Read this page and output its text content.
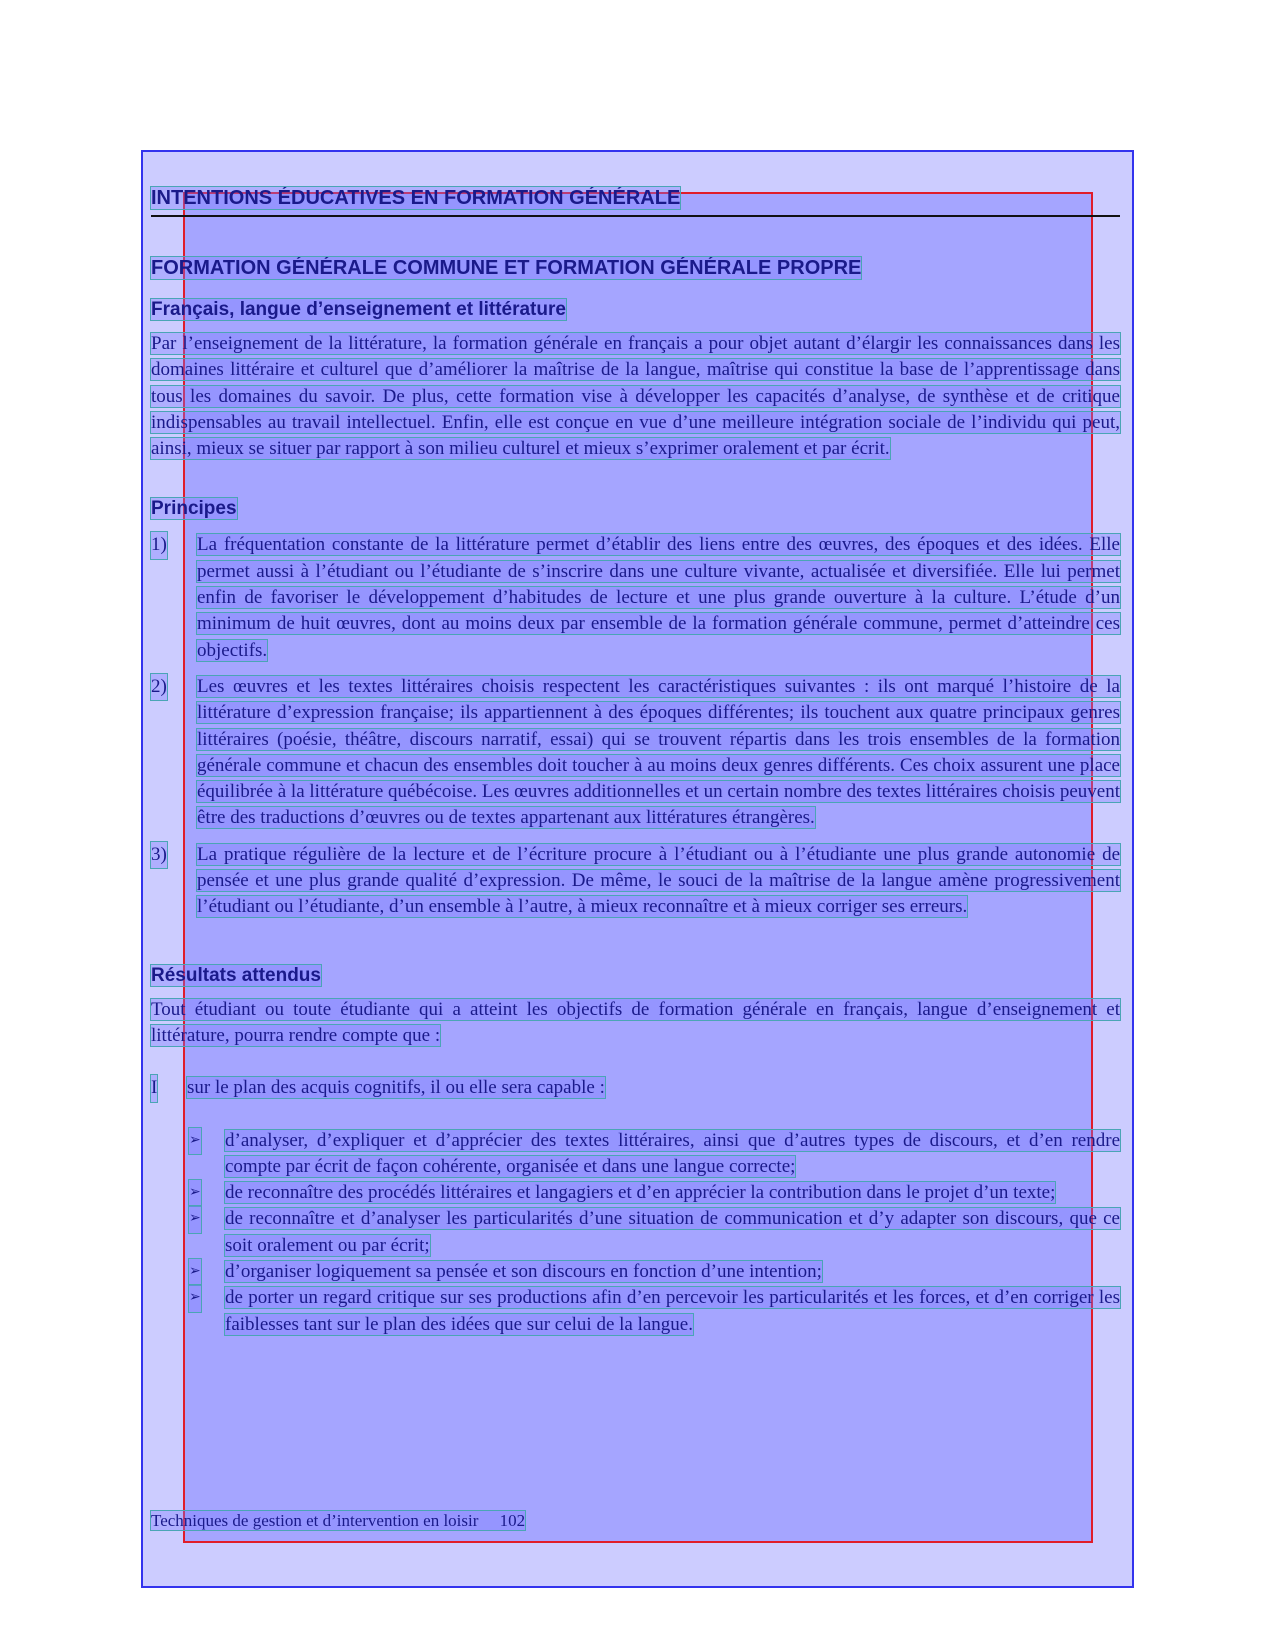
INTENTIONS ÉDUCATIVES EN FORMATION GÉNÉRALE
FORMATION GÉNÉRALE COMMUNE ET FORMATION GÉNÉRALE PROPRE
Français, langue d’enseignement et littérature

Par l’enseignement de la littérature, la formation générale en français a pour objet autant d’élargir les connaissances dans les domaines littéraire et culturel que d’améliorer la maîtrise de la langue, maîtrise qui constitue la base de l’apprentissage dans tous les domaines du savoir. De plus, cette formation vise à développer les capacités d’analyse, de synthèse et de critique indispensables au travail intellectuel. Enfin, elle est conçue en vue d’une meilleure intégration sociale de l’individu qui peut, ainsi, mieux se situer par rapport à son milieu culturel et mieux s’exprimer oralement et par écrit.

Principes
1) La fréquentation constante de la littérature permet d’établir des liens entre des œuvres, des époques et des idées. Elle permet aussi à l’étudiant ou l’étudiante de s’inscrire dans une culture vivante, actualisée et diversifiée. Elle lui permet enfin de favoriser le développement d’habitudes de lecture et une plus grande ouverture à la culture. L’étude d’un minimum de huit œuvres, dont au moins deux par ensemble de la formation générale commune, permet d’atteindre ces objectifs.

2) Les œuvres et les textes littéraires choisis respectent les caractéristiques suivantes : ils ont marqué l’histoire de la littérature d’expression française; ils appartiennent à des époques différentes; ils touchent aux quatre principaux genres littéraires (poésie, théâtre, discours narratif, essai) qui se trouvent répartis dans les trois ensembles de la formation générale commune et chacun des ensembles doit toucher à au moins deux genres différents. Ces choix assurent une place équilibrée à la littérature québécoise. Les œuvres additionnelles et un certain nombre des textes littéraires choisis peuvent être des traductions d’œuvres ou de textes appartenant aux littératures étrangères.

3) La pratique régulière de la lecture et de l’écriture procure à l’étudiant ou à l’étudiante une plus grande autonomie de pensée et une plus grande qualité d’expression. De même, le souci de la maîtrise de la langue amène progressivement l’étudiant ou l’étudiante, d’un ensemble à l’autre, à mieux reconnaître et à mieux corriger ses erreurs.

Résultats attendus

Tout étudiant ou toute étudiante qui a atteint les objectifs de formation générale en français, langue d’enseignement et littérature, pourra rendre compte que :

I sur le plan des acquis cognitifs, il ou elle sera capable :
➢ d’analyser, d’expliquer et d’apprécier des textes littéraires, ainsi que d’autres types de discours, et d’en rendre compte par écrit de façon cohérente, organisée et dans une langue correcte;
➢ de reconnaître des procédés littéraires et langagiers et d’en apprécier la contribution dans le projet d’un texte;
➢ de reconnaître et d’analyser les particularités d’une situation de communication et d’y adapter son discours, que ce soit oralement ou par écrit;
➢ d’organiser logiquement sa pensée et son discours en fonction d’une intention;
➢ de porter un regard critique sur ses productions afin d’en percevoir les particularités et les forces, et d’en corriger les faiblesses tant sur le plan des idées que sur celui de la langue.
Techniques de gestion et d’intervention en loisir     102
